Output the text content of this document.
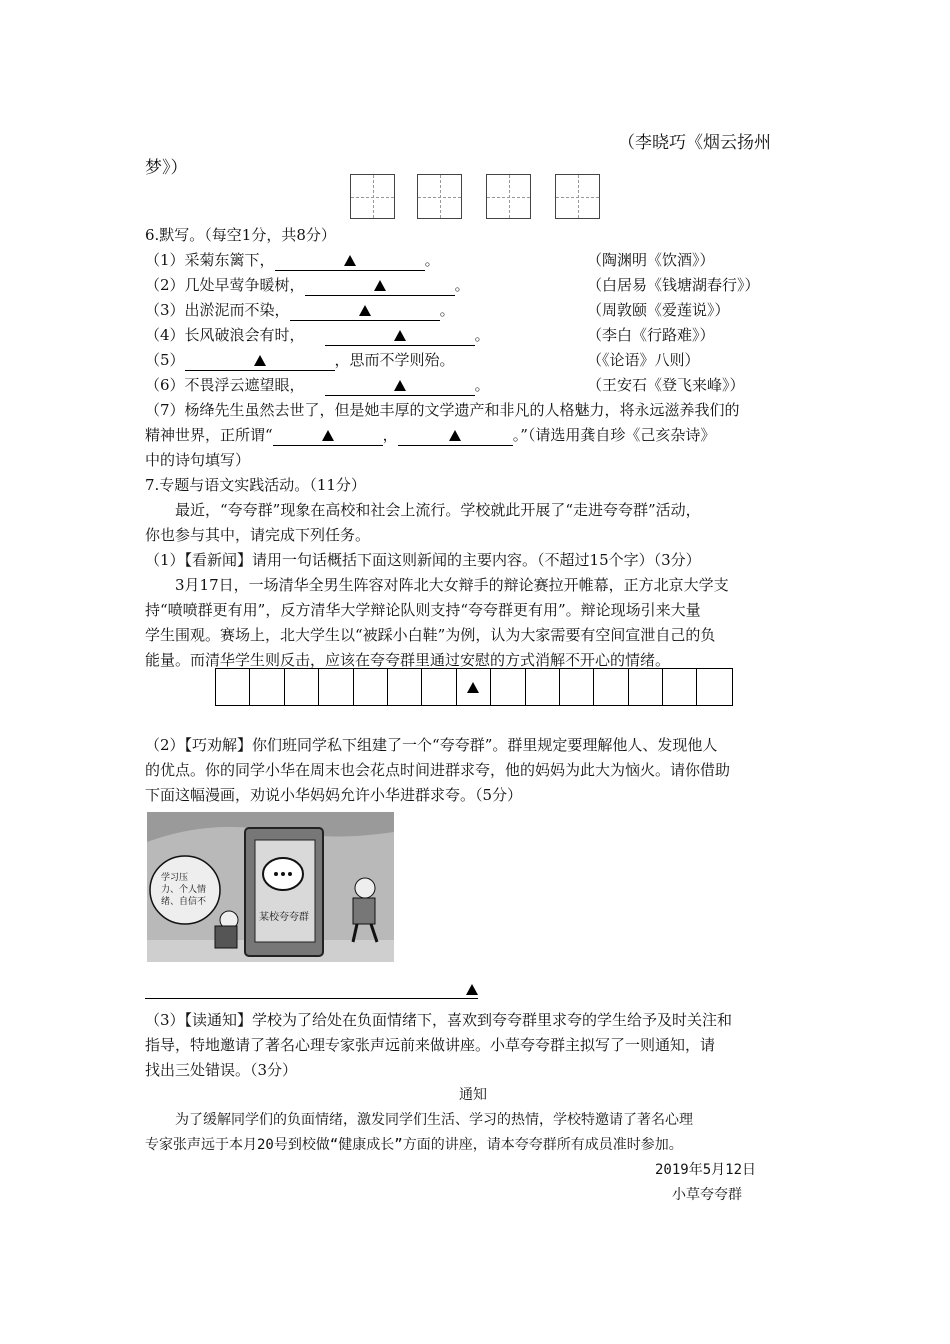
（李晓巧《烟云扬州
梦》）
6.默写。（每空1分，共8分）
（1）采菊东篱下，	。	（陶渊明《饮酒》）
（2）几处早莺争暖树，	。	（白居易《钱塘湖春行》）
（3）出淤泥而不染，	。	（周敦颐《爱莲说》）
（4）长风破浪会有时，	。	（李白《行路难》）
（5）	，思而不学则殆。	（《论语》八则）
（6）不畏浮云遮望眼，	。	（王安石《登飞来峰》）
（7）杨绛先生虽然去世了，但是她丰厚的文学遗产和非凡的人格魅力，将永远滋养我们的
精神世界，正所谓“	，	。”（请选用龚自珍《己亥杂诗》
中的诗句填写）
7.专题与语文实践活动。（11分）
最近，“夸夸群”现象在高校和社会上流行。学校就此开展了“走进夸夸群”活动，
你也参与其中，请完成下列任务。
（1）【看新闻】请用一句话概括下面这则新闻的主要内容。（不超过15个字）（3分）
3月17日，一场清华全男生阵容对阵北大女辩手的辩论赛拉开帷幕，正方北京大学支
持“喷喷群更有用”，反方清华大学辩论队则支持“夸夸群更有用”。辩论现场引来大量
学生围观。赛场上，北大学生以“被踩小白鞋”为例，认为大家需要有空间宣泄自己的负
能量。而清华学生则反击，应该在夸夸群里通过安慰的方式消解不开心的情绪。
（2）【巧劝解】你们班同学私下组建了一个“夸夸群”。群里规定要理解他人、发现他人
的优点。你的同学小华在周末也会花点时间进群求夸，他的妈妈为此大为恼火。请你借助
下面这幅漫画，劝说小华妈妈允许小华进群求夸。（5分）
某校夸夸群
学习压
力、个人情
绪、自信不
（3）【读通知】学校为了给处在负面情绪下，喜欢到夸夸群里求夸的学生给予及时关注和
指导，特地邀请了著名心理专家张声远前来做讲座。小草夸夸群主拟写了一则通知，请
找出三处错误。（3分）
通知
为了缓解同学们的负面情绪，激发同学们生活、学习的热情，学校特邀请了著名心理
专家张声远于本月20号到校做“健康成长”方面的讲座，请本夸夸群所有成员准时参加。
2019年5月12日
小草夸夸群
